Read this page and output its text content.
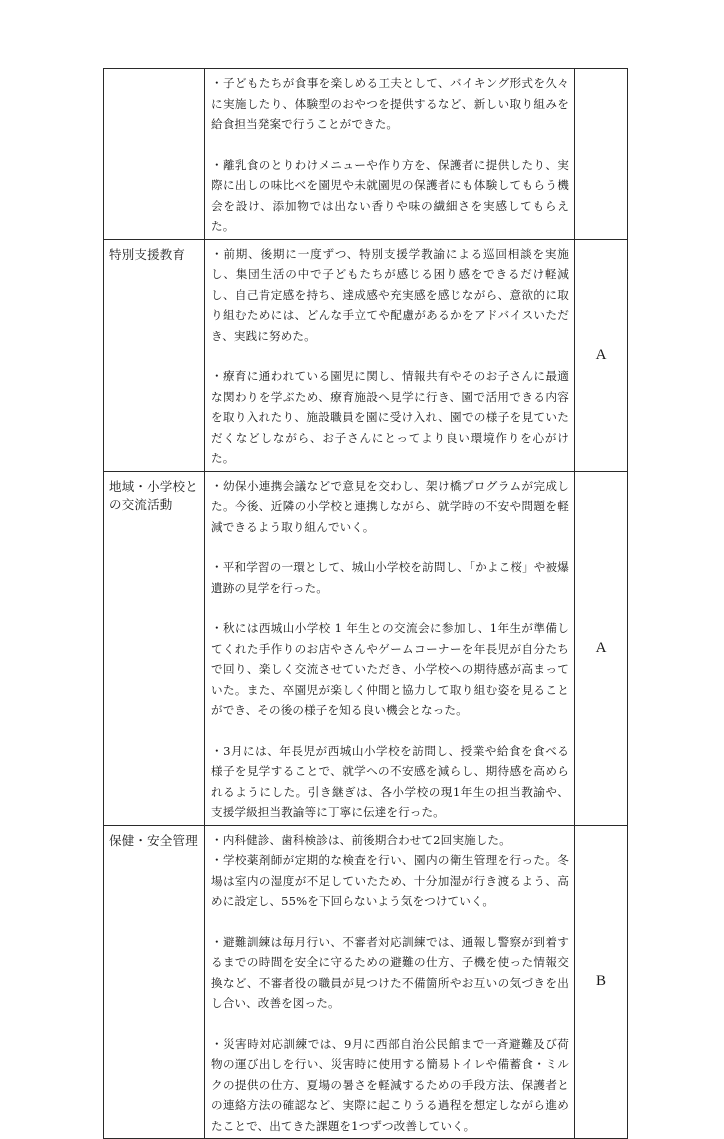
	・子どもたちが食事を楽しめる工夫として、バイキング形式を久々に実施したり、体験型のおやつを提供するなど、新しい取り組みを給食担当発案で行うことができた。

・離乳食のとりわけメニューや作り方を、保護者に提供したり、実際に出しの味比べを園児や未就園児の保護者にも体験してもらう機会を設け、添加物では出ない香りや味の繊細さを実感してもらえた。	

特別支援教育	・前期、後期に一度ずつ、特別支援学教諭による巡回相談を実施し、集団生活の中で子どもたちが感じる困り感をできるだけ軽減し、自己肯定感を持ち、達成感や充実感を感じながら、意欲的に取り組むためには、どんな手立てや配慮があるかをアドバイスいただき、実践に努めた。

・療育に通われている園児に関し、情報共有やそのお子さんに最適な関わりを学ぶため、療育施設へ見学に行き、園で活用できる内容を取り入れたり、施設職員を園に受け入れ、園での様子を見ていただくなどしながら、お子さんにとってより良い環境作りを心がけた。	A
地域・小学校との交流活動	・幼保小連携会議などで意見を交わし、架け橋プログラムが完成した。今後、近隣の小学校と連携しながら、就学時の不安や問題を軽減できるよう取り組んでいく。

・平和学習の一環として、城山小学校を訪問し、「かよこ桜」や被爆遺跡の見学を行った。

・秋には西城山小学校 1 年生との交流会に参加し、1年生が準備してくれた手作りのお店やさんやゲームコーナーを年長児が自分たちで回り、楽しく交流させていただき、小学校への期待感が高まっていた。また、卒園児が楽しく仲間と協力して取り組む姿を見ることができ、その後の様子を知る良い機会となった。

・3月には、年長児が西城山小学校を訪問し、授業や給食を食べる様子を見学することで、就学への不安感を減らし、期待感を高められるようにした。引き継ぎは、各小学校の現1年生の担当教諭や、支援学級担当教諭等に丁寧に伝達を行った。	A
保健・安全管理	・内科健診、歯科検診は、前後期合わせて2回実施した。

・学校薬剤師が定期的な検査を行い、園内の衛生管理を行った。冬場は室内の湿度が不足していたため、十分加湿が行き渡るよう、高めに設定し、55%を下回らないよう気をつけていく。

・避難訓練は毎月行い、不審者対応訓練では、通報し警察が到着するまでの時間を安全に守るための避難の仕方、子機を使った情報交換など、不審者役の職員が見つけた不備箇所やお互いの気づきを出し合い、改善を図った。

・災害時対応訓練では、9月に西部自治公民館まで一斉避難及び荷物の運び出しを行い、災害時に使用する簡易トイレや備蓄食・ミルクの提供の仕方、夏場の暑さを軽減するための手段方法、保護者との連絡方法の確認など、実際に起こりうる過程を想定しながら進めたことで、出てきた課題を1つずつ改善していく。	B
